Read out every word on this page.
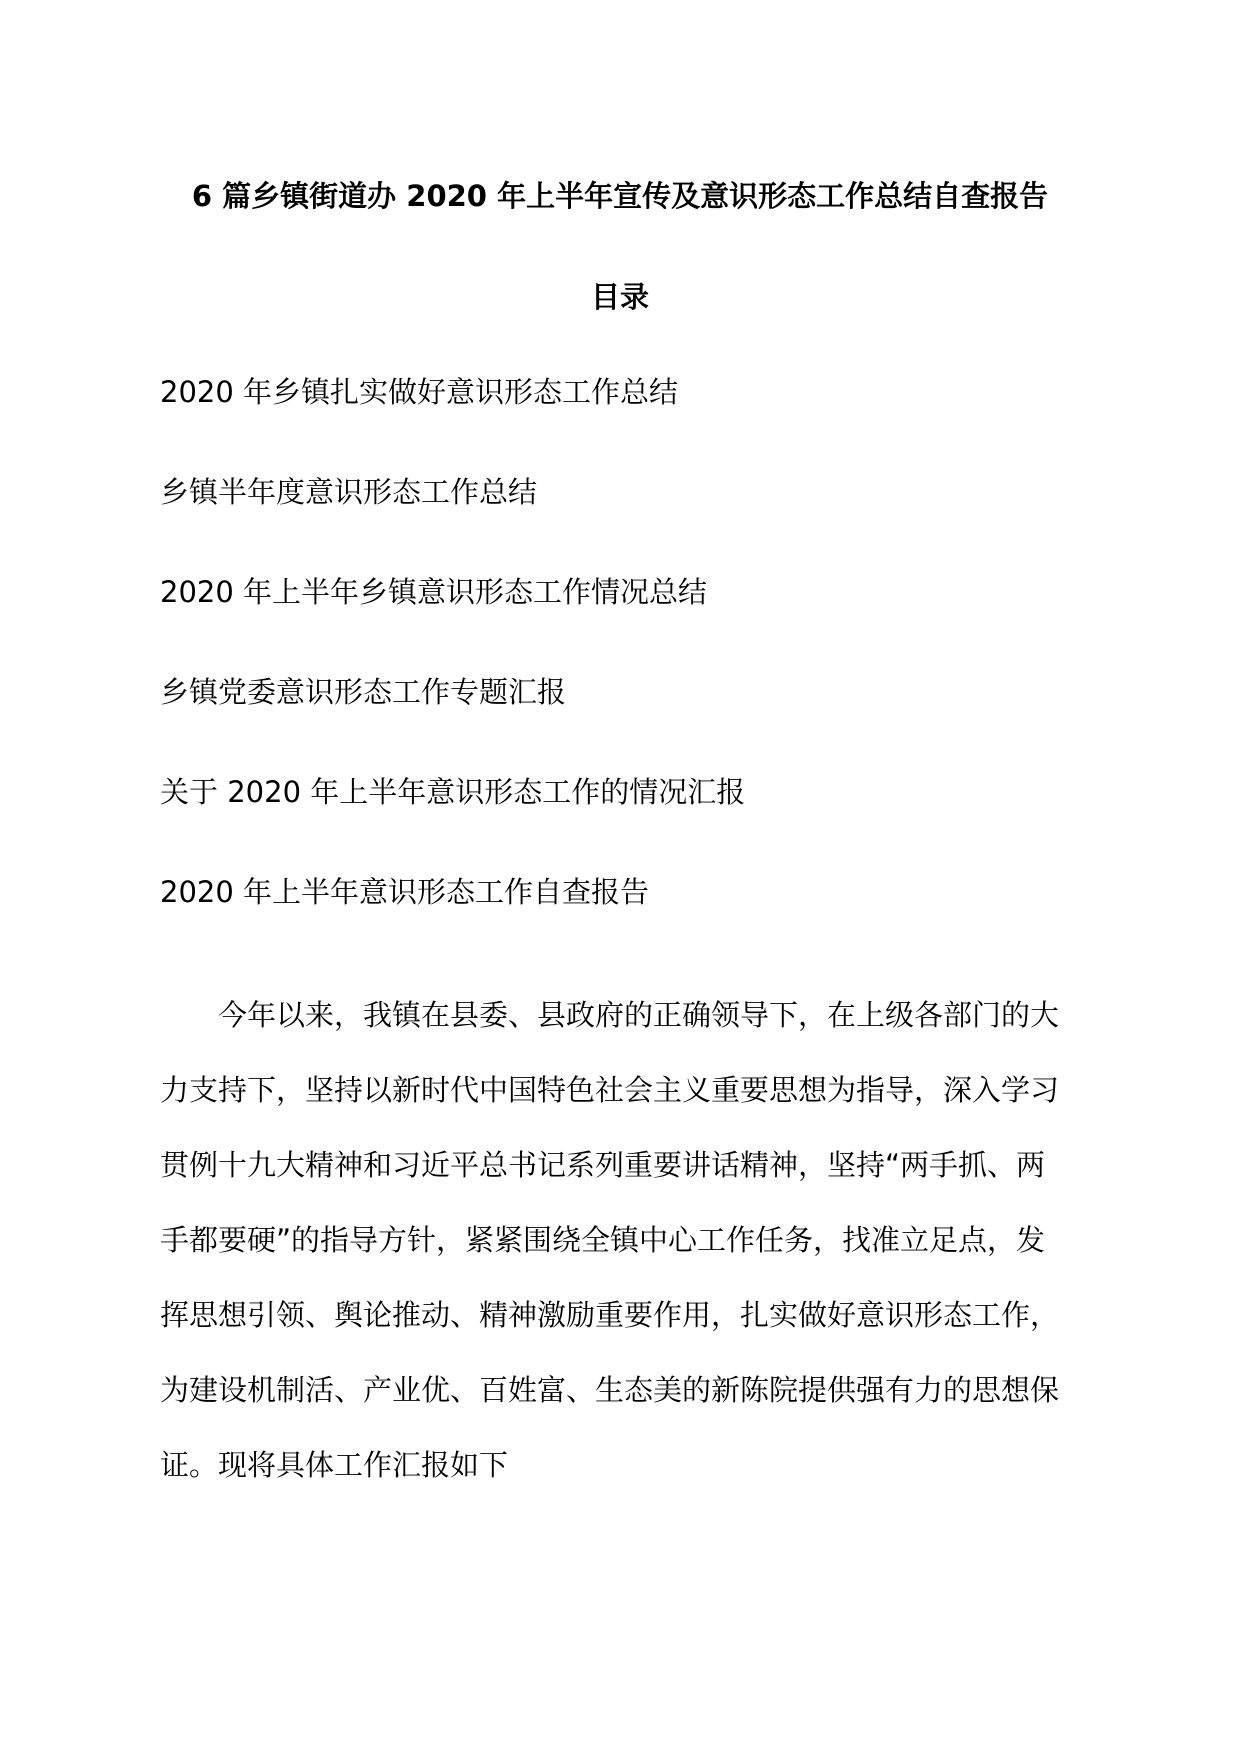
6 篇乡镇街道办 2020 年上半年宣传及意识形态工作总结自查报告
目录
2020 年乡镇扎实做好意识形态工作总结
乡镇半年度意识形态工作总结
2020 年上半年乡镇意识形态工作情况总结
乡镇党委意识形态工作专题汇报
关于 2020 年上半年意识形态工作的情况汇报
2020 年上半年意识形态工作自查报告
今年以来，我镇在县委、县政府的正确领导下，在上级各部门的大
力支持下，坚持以新时代中国特色社会主义重要思想为指导，深入学习
贯例十九大精神和习近平总书记系列重要讲话精神，坚持“两手抓、两
手都要硬”的指导方针，紧紧围绕全镇中心工作任务，找准立足点，发
挥思想引领、舆论推动、精神激励重要作用，扎实做好意识形态工作，
为建设机制活、产业优、百姓富、生态美的新陈院提供强有力的思想保
证。现将具体工作汇报如下
